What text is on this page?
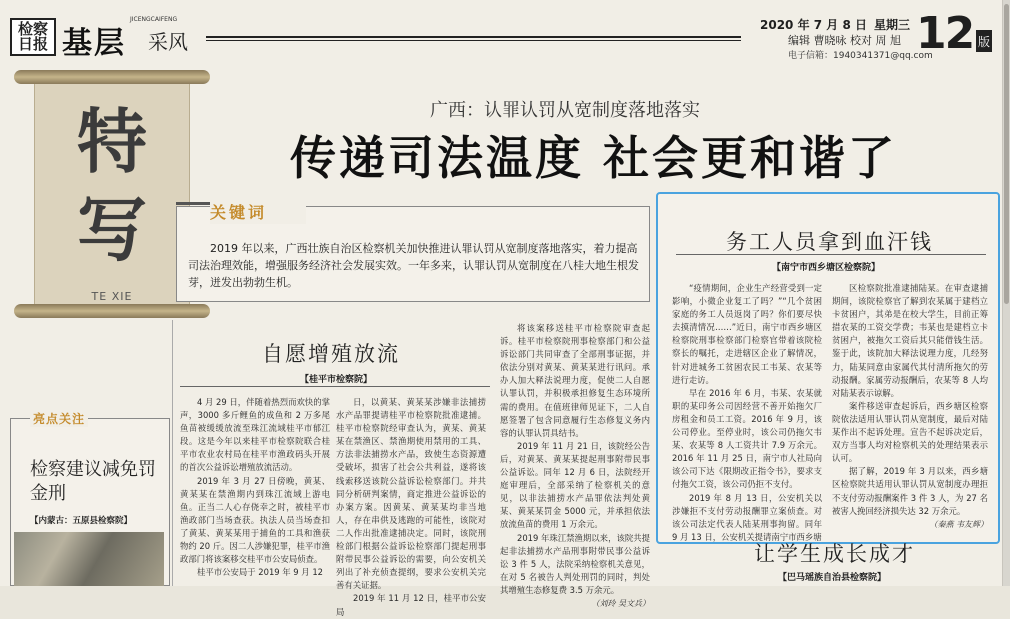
检察日报 基层
JICENGCAIFENG
采风
2020 年 7 月 8 日 星期三
编辑 曹晓咏 校对 周 旭
电子信箱：1940341371@qq.com
12 版
特
写
TE XIE
广西：认罪认罚从宽制度落地落实
传递司法温度 社会更和谐了
关键词
2019 年以来，广西壮族自治区检察机关加快推进认罪认罚从宽制度落地落实，着力提高司法治理效能，增强服务经济社会发展实效。一年多来，认罪认罚从宽制度在八桂大地生根发芽，迸发出勃勃生机。
务工人员拿到血汗钱
【南宁市西乡塘区检察院】

“疫情期间，企业生产经营受到一定影响，小微企业复工了吗？”“几个贫困家庭的务工人员返岗了吗？你们要尽快去摸清情况……”近日，南宁市西乡塘区检察院刑事检察部门检察官带着该院检察长的嘱托，走进辖区企业了解情况，针对进城务工贫困农民工韦某、农某等进行走访。

早在 2016 年 6 月，韦某、农某就职的某印务公司因经营不善开始拖欠厂房租金和员工工资。2016 年 9 月，该公司停业。至停业时，该公司仍拖欠韦某、农某等 8 人工资共计 7.9 万余元。2016 年 11 月 25 日，南宁市人社局向该公司下达《限期改正指令书》，要求支付拖欠工资，该公司仍拒不支付。

2019 年 8 月 13 日，公安机关以涉嫌拒不支付劳动报酬罪立案侦查。对该公司法定代表人陆某刑事拘留。同年 9 月 13 日，公安机关提请南宁市西乡塘

区检察院批准逮捕陆某。在审查逮捕期间，该院检察官了解到农某属于建档立卡贫困户，其弟是在校大学生，目前正筹措农某的工资交学费；韦某也是建档立卡贫困户，被拖欠工资后其只能借钱生活。鉴于此，该院加大释法说理力度，几经努力，陆某同意由家属代其付清所拖欠的劳动报酬。家属劳动报酬后，农某等 8 人均对陆某表示谅解。

案件移送审查起诉后，西乡塘区检察院依法适用认罪认罚从宽制度，最后对陆某作出不起诉处理。宣告不起诉决定后，双方当事人均对检察机关的处理结果表示认可。

据了解，2019 年 3 月以来，西乡塘区检察院共适用认罪认罚从宽制度办理拒不支付劳动报酬案件 3 件 3 人，为 27 名被害人挽回经济损失达 32 万余元。

（秦燕 韦友辉）
自愿增殖放流
【桂平市检察院】

4 月 29 日，伴随着热烈而欢快的掌声，3000 多斤鲤鱼的成鱼和 2 万多尾鱼苗被缓缓放流至珠江流域桂平市郁江段。这是今年以来桂平市检察院联合桂平市农业农村局在桂平市渔政码头开展的首次公益诉讼增殖放流活动。

2019 年 3 月 27 日傍晚，黄某、黄某某在禁渔期内到珠江流域上游电鱼。正当二人心存侥幸之时，被桂平市渔政部门当场查获。执法人员当场查扣了黄某、黄某某用于捕鱼的工具和渔获物约 20 斤。因二人涉嫌犯罪，桂平市渔政部门将该案移交桂平市公安局侦查。

桂平市公安局于 2019 年 9 月 12

日，以黄某、黄某某涉嫌非法捕捞水产品罪提请桂平市检察院批准逮捕。桂平市检察院经审查认为，黄某、黄某某在禁渔区、禁渔期使用禁用的工具、方法非法捕捞水产品，致使生态资源遭受破坏，损害了社会公共利益，遂将该线索移送该院公益诉讼检察部门。并共同分析研判案情，商定推进公益诉讼的办案方案。因黄某、黄某某均非当地人，存在串供及逃跑的可能性，该院对二人作出批准逮捕决定。同时，该院刑检部门根据公益诉讼检察部门提起刑事附带民事公益诉讼的需要，向公安机关列出了补充侦查提纲，要求公安机关完善有关证据。

2019 年 11 月 12 日，桂平市公安局

将该案移送桂平市检察院审查起诉。桂平市检察院刑事检察部门和公益诉讼部门共同审查了全部刑事证据，并依法分别对黄某、黄某某进行讯问。承办人加大释法说理力度，促使二人自愿认罪认罚，并积极承担修复生态环境所需的费用。在值班律师见证下，二人自愿签署了包含同意履行生态修复义务内容的认罪认罚具结书。

2019 年 11 月 21 日，该院经公告后，对黄某、黄某某提起刑事附带民事公益诉讼。同年 12 月 6 日，法院经开庭审理后，全部采纳了检察机关的意见，以非法捕捞水产品罪依法判处黄某、黄某某罚金 5000 元，并承担依法放流鱼苗的费用 1 万余元。

2019 年珠江禁渔期以来，该院共提起非法捕捞水产品刑事附带民事公益诉讼 3 件 5 人，法院采纳检察机关意见，在对 5 名被告人判处刑罚的同时，判处其增殖生态修复费 3.5 万余元。

（刘玲 吴文兵）
亮点关注
检察建议减免罚金刑
【内蒙古：五原县检察院】
让学生成长成才
【巴马瑶族自治县检察院】
